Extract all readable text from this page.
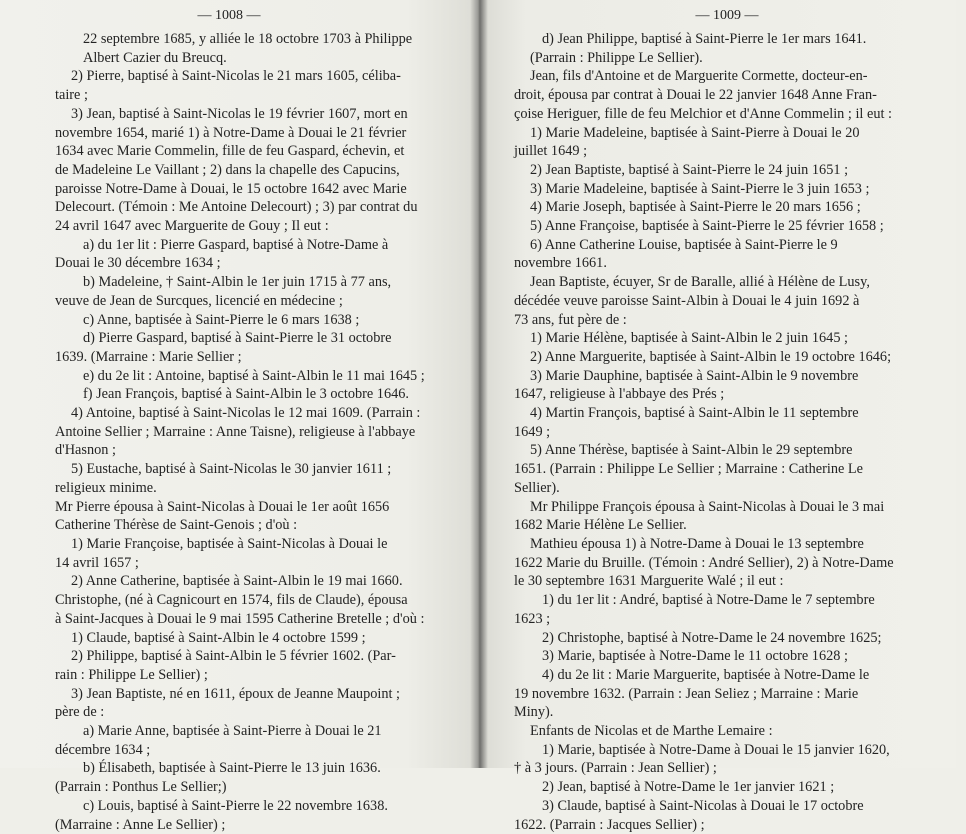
— 1008 —
22 septembre 1685, y alliée le 18 octobre 1703 à Philippe
Albert Cazier du Breucq.
2) Pierre, baptisé à Saint-Nicolas le 21 mars 1605, céliba-
taire ;
3) Jean, baptisé à Saint-Nicolas le 19 février 1607, mort en
novembre 1654, marié 1) à Notre-Dame à Douai le 21 février
1634 avec Marie Commelin, fille de feu Gaspard, échevin, et
de Madeleine Le Vaillant ; 2) dans la chapelle des Capucins,
paroisse Notre-Dame à Douai, le 15 octobre 1642 avec Marie
Delecourt. (Témoin : Me Antoine Delecourt) ; 3) par contrat du
24 avril 1647 avec Marguerite de Gouy ; Il eut :
a) du 1er lit : Pierre Gaspard, baptisé à Notre-Dame à
Douai le 30 décembre 1634 ;
b) Madeleine, † Saint-Albin le 1er juin 1715 à 77 ans,
veuve de Jean de Surcques, licencié en médecine ;
c) Anne, baptisée à Saint-Pierre le 6 mars 1638 ;
d) Pierre Gaspard, baptisé à Saint-Pierre le 31 octobre
1639. (Marraine : Marie Sellier ;
e) du 2e lit : Antoine, baptisé à Saint-Albin le 11 mai 1645 ;
f) Jean François, baptisé à Saint-Albin le 3 octobre 1646.
4) Antoine, baptisé à Saint-Nicolas le 12 mai 1609. (Parrain :
Antoine Sellier ; Marraine : Anne Taisne), religieuse à l'abbaye
d'Hasnon ;
5) Eustache, baptisé à Saint-Nicolas le 30 janvier 1611 ;
religieux minime.
Mr Pierre épousa à Saint-Nicolas à Douai le 1er août 1656
Catherine Thérèse de Saint-Genois ; d'où :
1) Marie Françoise, baptisée à Saint-Nicolas à Douai le
14 avril 1657 ;
2) Anne Catherine, baptisée à Saint-Albin le 19 mai 1660.
Christophe, (né à Cagnicourt en 1574, fils de Claude), épousa
à Saint-Jacques à Douai le 9 mai 1595 Catherine Bretelle ; d'où :
1) Claude, baptisé à Saint-Albin le 4 octobre 1599 ;
2) Philippe, baptisé à Saint-Albin le 5 février 1602. (Par-
rain : Philippe Le Sellier) ;
3) Jean Baptiste, né en 1611, époux de Jeanne Maupoint ;
père de :
a) Marie Anne, baptisée à Saint-Pierre à Douai le 21
décembre 1634 ;
b) Élisabeth, baptisée à Saint-Pierre le 13 juin 1636.
(Parrain : Ponthus Le Sellier;)
c) Louis, baptisé à Saint-Pierre le 22 novembre 1638.
(Marraine : Anne Le Sellier) ;
— 1009 —
d) Jean Philippe, baptisé à Saint-Pierre le 1er mars 1641.
(Parrain : Philippe Le Sellier).
Jean, fils d'Antoine et de Marguerite Cormette, docteur-en-
droit, épousa par contrat à Douai le 22 janvier 1648 Anne Fran-
çoise Heriguer, fille de feu Melchior et d'Anne Commelin ; il eut :
1) Marie Madeleine, baptisée à Saint-Pierre à Douai le 20
juillet 1649 ;
2) Jean Baptiste, baptisé à Saint-Pierre le 24 juin 1651 ;
3) Marie Madeleine, baptisée à Saint-Pierre le 3 juin 1653 ;
4) Marie Joseph, baptisée à Saint-Pierre le 20 mars 1656 ;
5) Anne Françoise, baptisée à Saint-Pierre le 25 février 1658 ;
6) Anne Catherine Louise, baptisée à Saint-Pierre le 9
novembre 1661.
Jean Baptiste, écuyer, Sr de Baralle, allié à Hélène de Lusy,
décédée veuve paroisse Saint-Albin à Douai le 4 juin 1692 à
73 ans, fut père de :
1) Marie Hélène, baptisée à Saint-Albin le 2 juin 1645 ;
2) Anne Marguerite, baptisée à Saint-Albin le 19 octobre 1646;
3) Marie Dauphine, baptisée à Saint-Albin le 9 novembre
1647, religieuse à l'abbaye des Prés ;
4) Martin François, baptisé à Saint-Albin le 11 septembre
1649 ;
5) Anne Thérèse, baptisée à Saint-Albin le 29 septembre
1651. (Parrain : Philippe Le Sellier ; Marraine : Catherine Le
Sellier).
Mr Philippe François épousa à Saint-Nicolas à Douai le 3 mai
1682 Marie Hélène Le Sellier.
Mathieu épousa 1) à Notre-Dame à Douai le 13 septembre
1622 Marie du Bruille. (Témoin : André Sellier), 2) à Notre-Dame
le 30 septembre 1631 Marguerite Walé ; il eut :
1) du 1er lit : André, baptisé à Notre-Dame le 7 septembre
1623 ;
2) Christophe, baptisé à Notre-Dame le 24 novembre 1625;
3) Marie, baptisée à Notre-Dame le 11 octobre 1628 ;
4) du 2e lit : Marie Marguerite, baptisée à Notre-Dame le
19 novembre 1632. (Parrain : Jean Seliez ; Marraine : Marie
Miny).
Enfants de Nicolas et de Marthe Lemaire :
1) Marie, baptisée à Notre-Dame à Douai le 15 janvier 1620,
† à 3 jours. (Parrain : Jean Sellier) ;
2) Jean, baptisé à Notre-Dame le 1er janvier 1621 ;
3) Claude, baptisé à Saint-Nicolas à Douai le 17 octobre
1622. (Parrain : Jacques Sellier) ;
